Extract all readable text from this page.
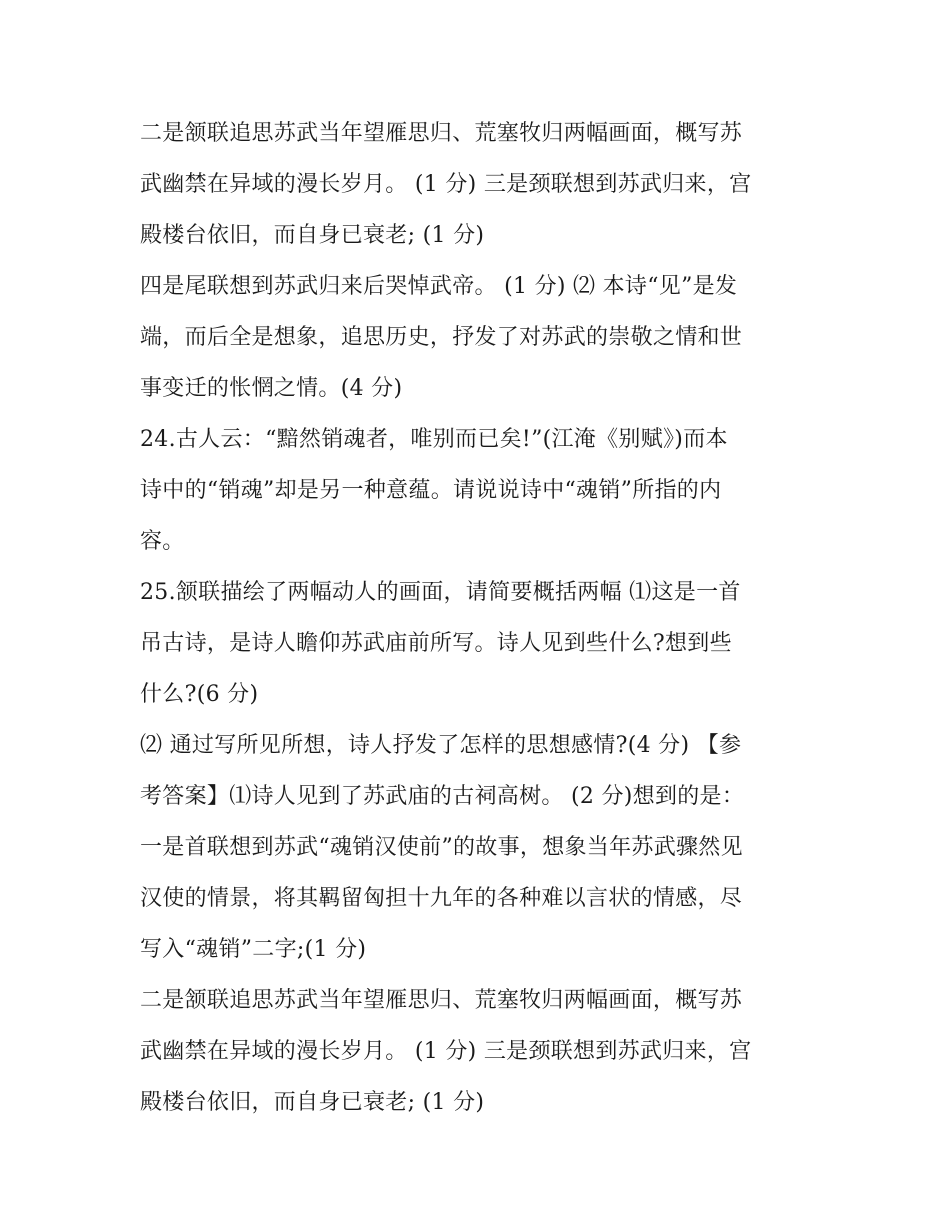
二是颔联追思苏武当年望雁思归、荒塞牧归两幅画面，概写苏
武幽禁在异域的漫长岁月。 (1 分) 三是颈联想到苏武归来，宫
殿楼台依旧，而自身已衰老; (1 分)
四是尾联想到苏武归来后哭悼武帝。 (1 分) ⑵ 本诗“见”是发
端，而后全是想象，追思历史，抒发了对苏武的崇敬之情和世
事变迁的怅惘之情。(4 分)
24.古人云：“黯然销魂者，唯别而已矣!”(江淹《别赋》)而本
诗中的“销魂”却是另一种意蕴。请说说诗中“魂销”所指的内
容。
25.颔联描绘了两幅动人的画面，请简要概括两幅 ⑴这是一首
吊古诗，是诗人瞻仰苏武庙前所写。诗人见到些什么?想到些
什么?(6 分)
⑵ 通过写所见所想，诗人抒发了怎样的思想感情?(4 分) 【参
考答案】⑴诗人见到了苏武庙的古祠高树。 (2 分)想到的是：
一是首联想到苏武“魂销汉使前”的故事，想象当年苏武骤然见
汉使的情景，将其羁留匈担十九年的各种难以言状的情感，尽
写入“魂销”二字;(1 分)
二是颔联追思苏武当年望雁思归、荒塞牧归两幅画面，概写苏
武幽禁在异域的漫长岁月。 (1 分) 三是颈联想到苏武归来，宫
殿楼台依旧，而自身已衰老; (1 分)
